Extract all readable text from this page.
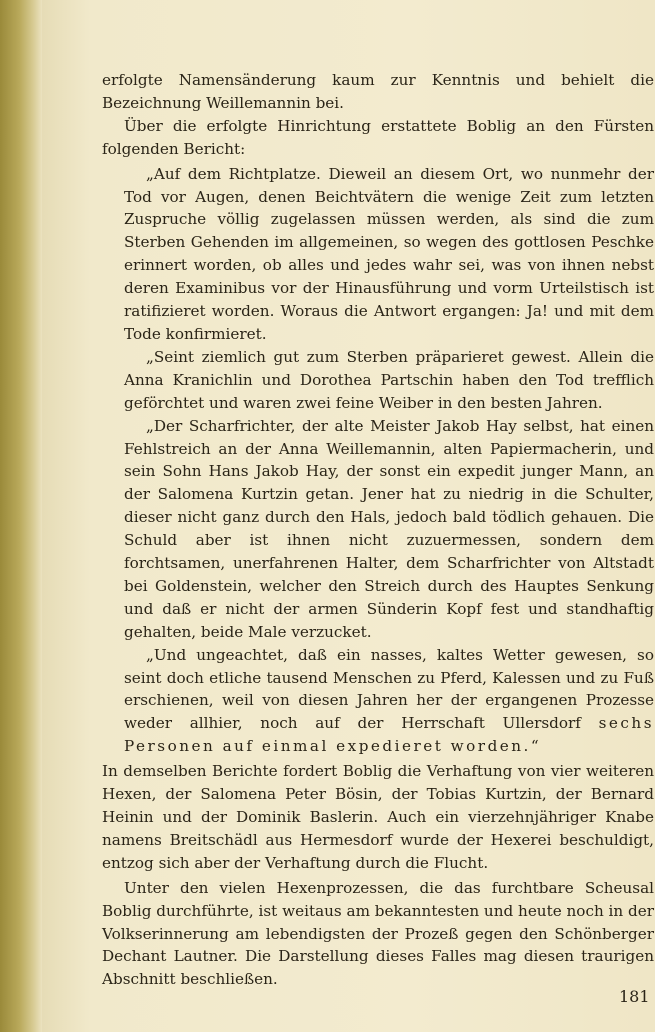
erfolgte Namensänderung kaum zur Kenntnis und behielt die Bezeichnung Weillemannin bei.

Über die erfolgte Hinrichtung erstattete Boblig an den Fürsten folgenden Bericht:

„Auf dem Richtplatze. Dieweil an diesem Ort, wo nunmehr der Tod vor Augen, denen Beichtvätern die wenige Zeit zum letzten Zuspruche völlig zugelassen müssen werden, als sind die zum Sterben Gehenden im allgemeinen, so wegen des gottlosen Peschke erinnert worden, ob alles und jedes wahr sei, was von ihnen nebst deren Examinibus vor der Hinausführung und vorm Urteilstisch ist ratifizieret worden. Woraus die Antwort ergangen: Ja! und mit dem Tode konfirmieret.

„Seint ziemlich gut zum Sterben präparieret gewest. Allein die Anna Kranichlin und Dorothea Partschin haben den Tod trefflich geförchtet und waren zwei feine Weiber in den besten Jahren.

„Der Scharfrichter, der alte Meister Jakob Hay selbst, hat einen Fehlstreich an der Anna Weillemannin, alten Papiermacherin, und sein Sohn Hans Jakob Hay, der sonst ein expedit junger Mann, an der Salomena Kurtzin getan. Jener hat zu niedrig in die Schulter, dieser nicht ganz durch den Hals, jedoch bald tödlich gehauen. Die Schuld aber ist ihnen nicht zuzuermessen, sondern dem forchtsamen, unerfahrenen Halter, dem Scharfrichter von Altstadt bei Goldenstein, welcher den Streich durch des Hauptes Senkung und daß er nicht der armen Sünderin Kopf fest und standhaftig gehalten, beide Male verzucket.

„Und ungeachtet, daß ein nasses, kaltes Wetter gewesen, so seint doch etliche tausend Menschen zu Pferd, Kalessen und zu Fuß erschienen, weil von diesen Jahren her der ergangenen Prozesse weder allhier, noch auf der Herrschaft Ullersdorf sechs Personen auf einmal expedieret worden.“

In demselben Berichte fordert Boblig die Verhaftung von vier weiteren Hexen, der Salomena Peter Bösin, der Tobias Kurtzin, der Bernard Heinin und der Dominik Baslerin. Auch ein vierzehnjähriger Knabe namens Breitschädl aus Hermesdorf wurde der Hexerei beschuldigt, entzog sich aber der Verhaftung durch die Flucht.

Unter den vielen Hexenprozessen, die das furchtbare Scheusal Boblig durchführte, ist weitaus am bekanntesten und heute noch in der Volkserinnerung am lebendigsten der Prozeß gegen den Schönberger Dechant Lautner. Die Darstellung dieses Falles mag diesen traurigen Abschnitt beschließen.

181
